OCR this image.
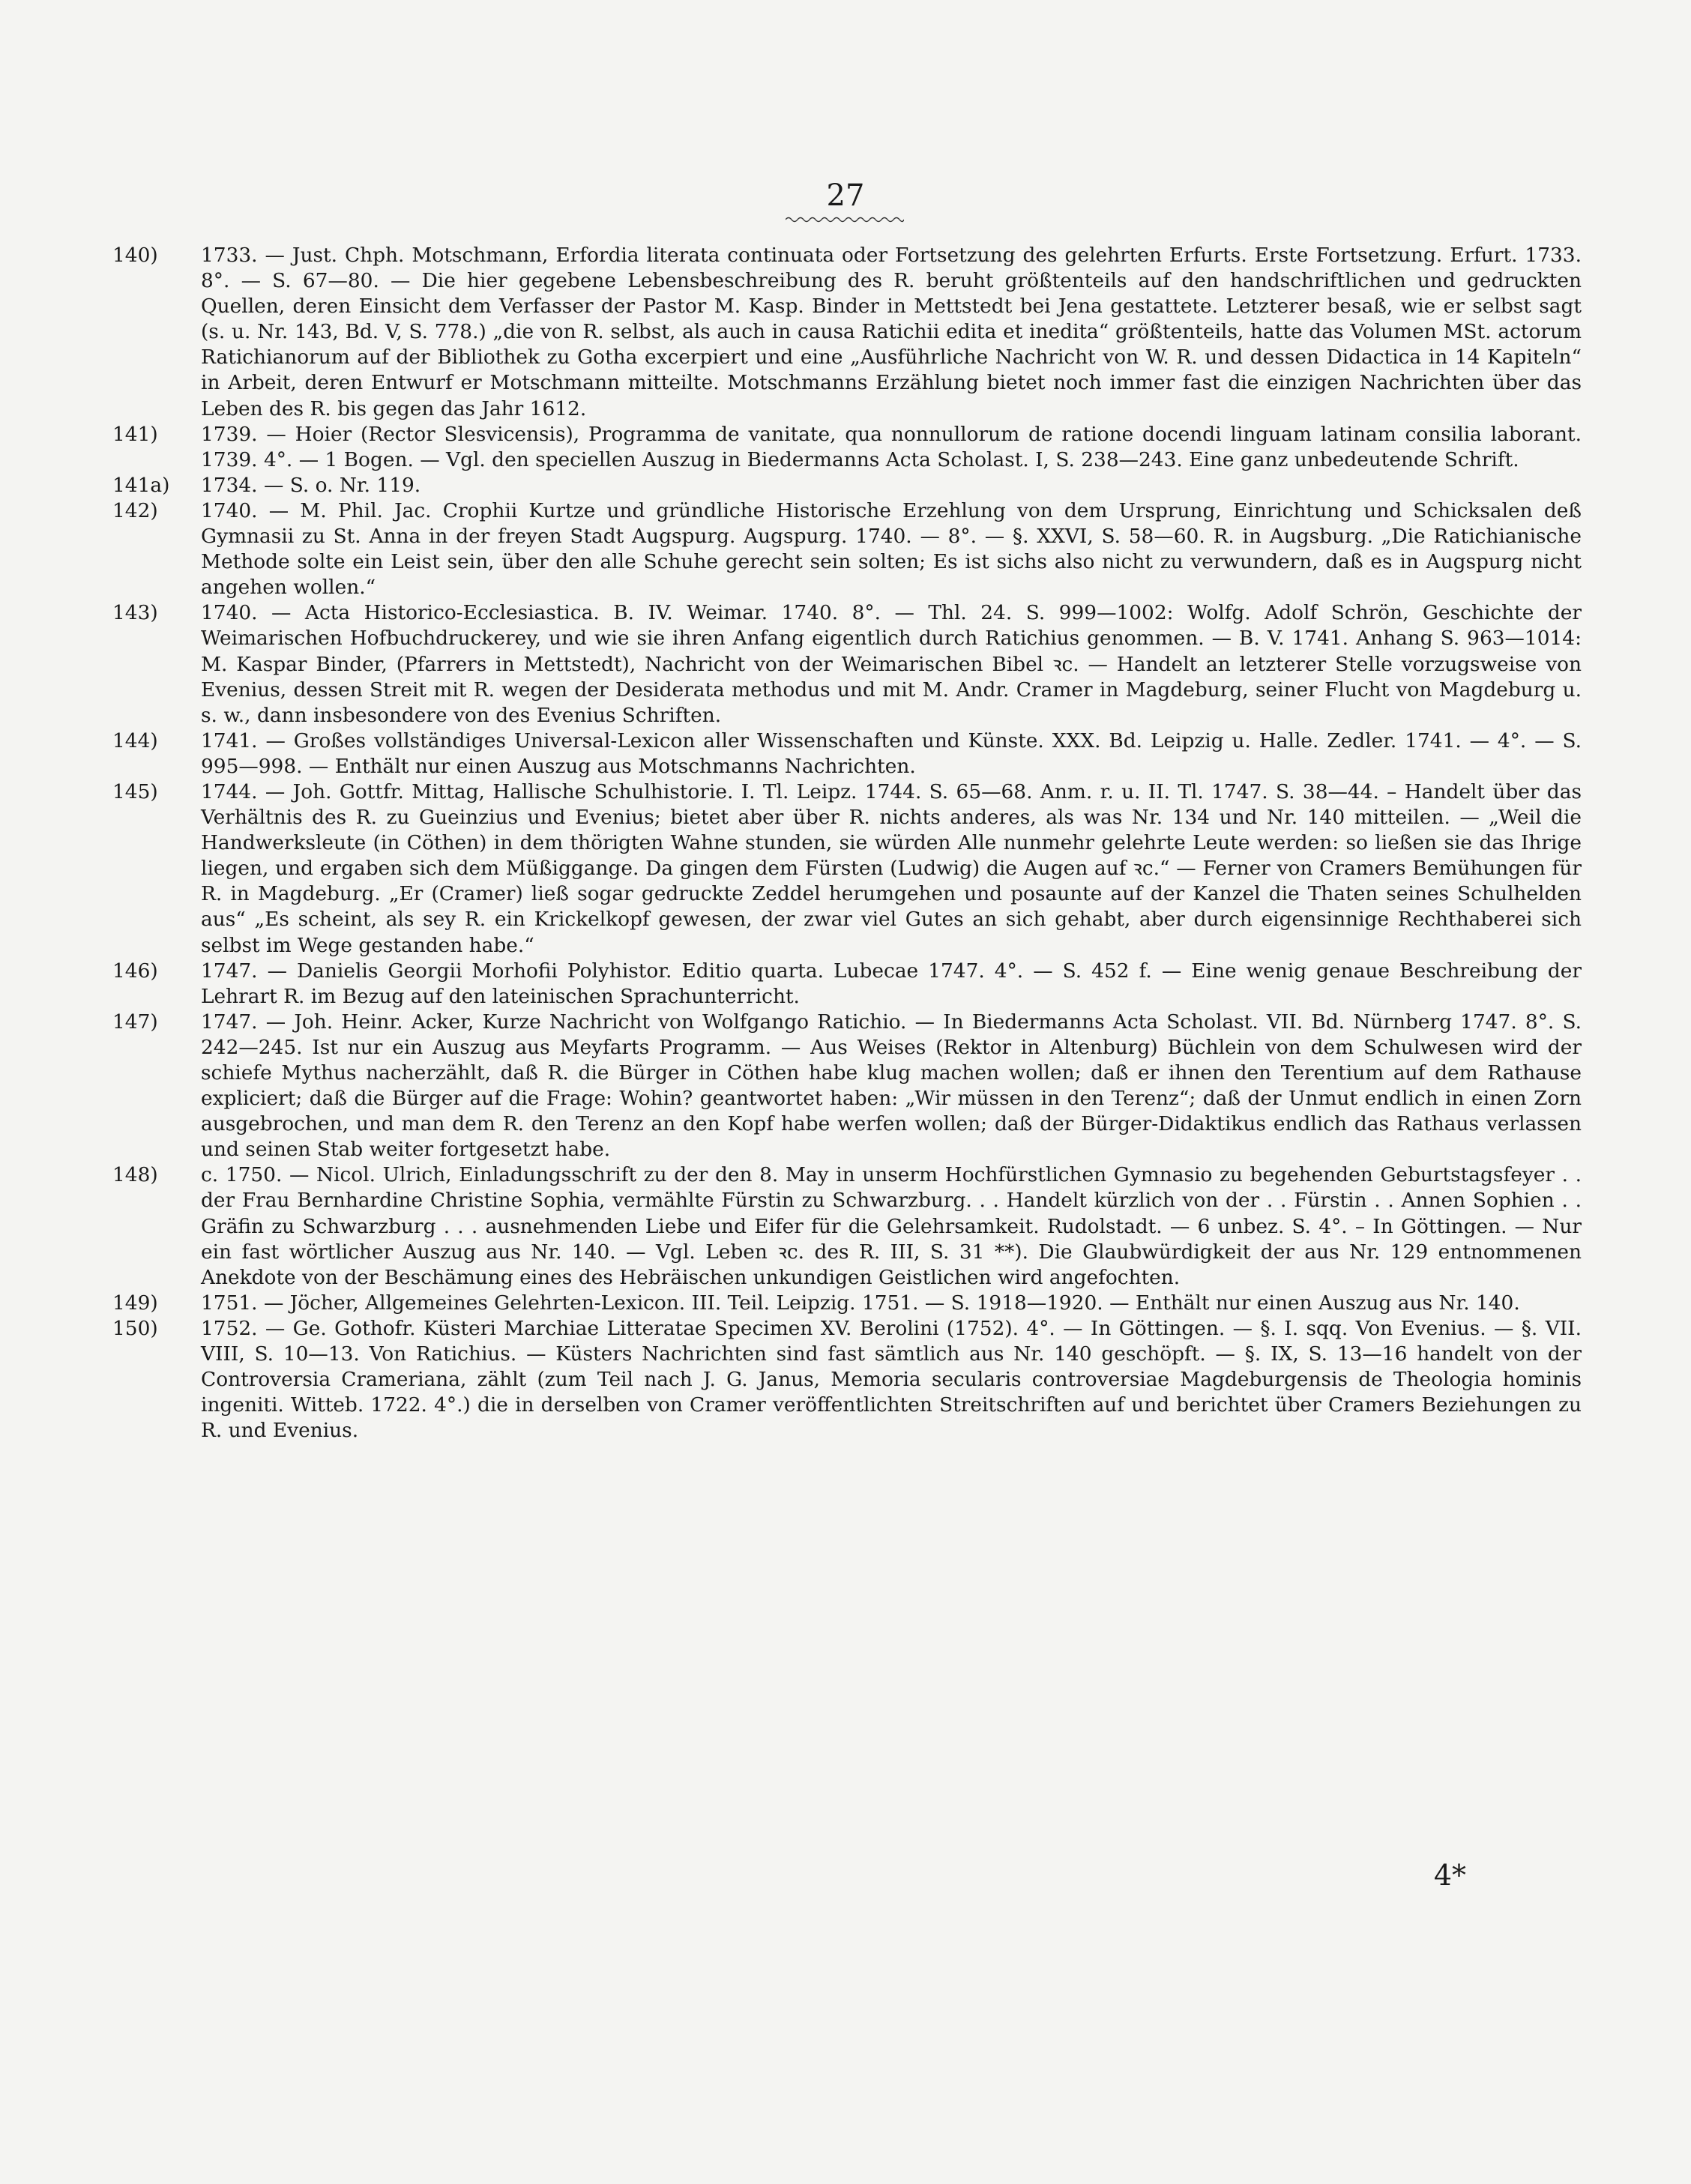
27
140) 1733. — Just. Chph. Motschmann, Erfordia literata continuata oder Fortsetzung des gelehrten Erfurts. Erste Fortsetzung. Erfurt. 1733. 8°. — S. 67—80. — Die hier gegebene Lebensbeschreibung des R. beruht größtenteils auf den handschriftlichen und gedruckten Quellen, deren Einsicht dem Verfasser der Pastor M. Kasp. Binder in Mettstedt bei Jena gestattete. Letzterer besaß, wie er selbst sagt (s. u. Nr. 143, Bd. V, S. 778.) „die von R. selbst, als auch in causa Ratichii edita et inedita“ größtenteils, hatte das Volumen MSt. actorum Ratichianorum auf der Bibliothek zu Gotha excerpiert und eine „Ausführliche Nachricht von W. R. und dessen Didactica in 14 Kapiteln“ in Arbeit, deren Entwurf er Motschmann mitteilte. Motschmanns Erzählung bietet noch immer fast die einzigen Nachrichten über das Leben des R. bis gegen das Jahr 1612.
141) 1739. — Hoier (Rector Slesvicensis), Programma de vanitate, qua nonnullorum de ratione docendi linguam latinam consilia laborant. 1739. 4°. — 1 Bogen. — Vgl. den speciellen Auszug in Biedermanns Acta Scholast. I, S. 238—243. Eine ganz unbedeutende Schrift.
141a) 1734. — S. o. Nr. 119.
142) 1740. — M. Phil. Jac. Crophii Kurtze und gründliche Historische Erzehlung von dem Ursprung, Einrichtung und Schicksalen deß Gymnasii zu St. Anna in der freyen Stadt Augspurg. Augspurg. 1740. — 8°. — §. XXVI, S. 58—60. R. in Augsburg. „Die Ratichianische Methode solte ein Leist sein, über den alle Schuhe gerecht sein solten; Es ist sichs also nicht zu verwundern, daß es in Augspurg nicht angehen wollen.“
143) 1740. — Acta Historico-Ecclesiastica. B. IV. Weimar. 1740. 8°. — Thl. 24. S. 999—1002: Wolfg. Adolf Schrön, Geschichte der Weimarischen Hofbuchdruckerey, und wie sie ihren Anfang eigentlich durch Ratichius genommen. — B. V. 1741. Anhang S. 963—1014: M. Kaspar Binder, (Pfarrers in Mettstedt), Nachricht von der Weimarischen Bibel ꝛc. — Handelt an letzterer Stelle vorzugsweise von Evenius, dessen Streit mit R. wegen der Desiderata methodus und mit M. Andr. Cramer in Magdeburg, seiner Flucht von Magdeburg u. s. w., dann insbesondere von des Evenius Schriften.
144) 1741. — Großes vollständiges Universal-Lexicon aller Wissenschaften und Künste. XXX. Bd. Leipzig u. Halle. Zedler. 1741. — 4°. — S. 995—998. — Enthält nur einen Auszug aus Motschmanns Nachrichten.
145) 1744. — Joh. Gottfr. Mittag, Hallische Schulhistorie. I. Tl. Leipz. 1744. S. 65—68. Anm. r. u. II. Tl. 1747. S. 38—44. – Handelt über das Verhältnis des R. zu Gueinzius und Evenius; bietet aber über R. nichts anderes, als was Nr. 134 und Nr. 140 mitteilen. — „Weil die Handwerksleute (in Cöthen) in dem thörigten Wahne stunden, sie würden Alle nunmehr gelehrte Leute werden: so ließen sie das Ihrige liegen, und ergaben sich dem Müßiggange. Da gingen dem Fürsten (Ludwig) die Augen auf ꝛc.“ — Ferner von Cramers Bemühungen für R. in Magdeburg. „Er (Cramer) ließ sogar gedruckte Zeddel herumgehen und posaunte auf der Kanzel die Thaten seines Schulhelden aus“ „Es scheint, als sey R. ein Krickelkopf gewesen, der zwar viel Gutes an sich gehabt, aber durch eigensinnige Rechthaberei sich selbst im Wege gestanden habe.“
146) 1747. — Danielis Georgii Morhofii Polyhistor. Editio quarta. Lubecae 1747. 4°. — S. 452 f. — Eine wenig genaue Beschreibung der Lehrart R. im Bezug auf den lateinischen Sprachunterricht.
147) 1747. — Joh. Heinr. Acker, Kurze Nachricht von Wolfgango Ratichio. — In Biedermanns Acta Scholast. VII. Bd. Nürnberg 1747. 8°. S. 242—245. Ist nur ein Auszug aus Meyfarts Programm. — Aus Weises (Rektor in Altenburg) Büchlein von dem Schulwesen wird der schiefe Mythus nacherzählt, daß R. die Bürger in Cöthen habe klug machen wollen; daß er ihnen den Terentium auf dem Rathause expliciert; daß die Bürger auf die Frage: Wohin? geantwortet haben: „Wir müssen in den Terenz“; daß der Unmut endlich in einen Zorn ausgebrochen, und man dem R. den Terenz an den Kopf habe werfen wollen; daß der Bürger-Didaktikus endlich das Rathaus verlassen und seinen Stab weiter fortgesetzt habe.
148) c. 1750. — Nicol. Ulrich, Einladungsschrift zu der den 8. May in unserm Hochfürstlichen Gymnasio zu begehenden Geburtstagsfeyer . . der Frau Bernhardine Christine Sophia, vermählte Fürstin zu Schwarzburg. . . Handelt kürzlich von der . . Fürstin . . Annen Sophien . . Gräfin zu Schwarzburg . . . ausnehmenden Liebe und Eifer für die Gelehrsamkeit. Rudolstadt. — 6 unbez. S. 4°. – In Göttingen. — Nur ein fast wörtlicher Auszug aus Nr. 140. — Vgl. Leben ꝛc. des R. III, S. 31 **). Die Glaubwürdigkeit der aus Nr. 129 entnommenen Anekdote von der Beschämung eines des Hebräischen unkundigen Geistlichen wird angefochten.
149) 1751. — Jöcher, Allgemeines Gelehrten-Lexicon. III. Teil. Leipzig. 1751. — S. 1918—1920. — Enthält nur einen Auszug aus Nr. 140.
150) 1752. — Ge. Gothofr. Küsteri Marchiae Litteratae Specimen XV. Berolini (1752). 4°. — In Göttingen. — §. I. sqq. Von Evenius. — §. VII. VIII, S. 10—13. Von Ratichius. — Küsters Nachrichten sind fast sämtlich aus Nr. 140 geschöpft. — §. IX, S. 13—16 handelt von der Controversia Crameriana, zählt (zum Teil nach J. G. Janus, Memoria secularis controversiae Magdeburgensis de Theologia hominis ingeniti. Witteb. 1722. 4°.) die in derselben von Cramer veröffentlichten Streitschriften auf und berichtet über Cramers Beziehungen zu R. und Evenius.
4*
